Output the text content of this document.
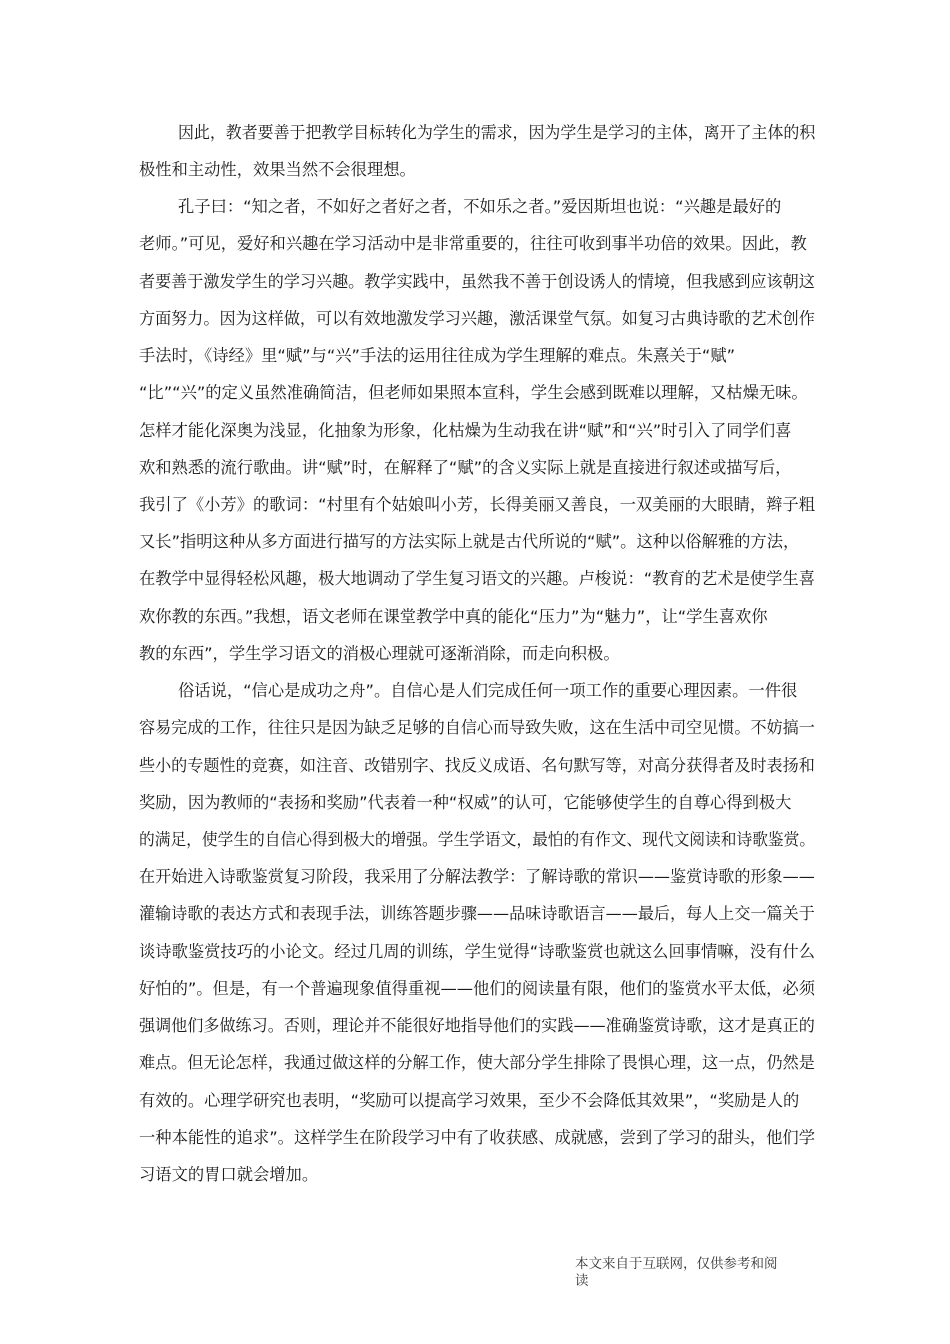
因此，教者要善于把教学目标转化为学生的需求，因为学生是学习的主体，离开了主体的积
极性和主动性，效果当然不会很理想。
孔子曰：“知之者，不如好之者好之者，不如乐之者。”爱因斯坦也说：“兴趣是最好的
老师。”可见，爱好和兴趣在学习活动中是非常重要的，往往可收到事半功倍的效果。因此，教
者要善于激发学生的学习兴趣。教学实践中，虽然我不善于创设诱人的情境，但我感到应该朝这
方面努力。因为这样做，可以有效地激发学习兴趣，激活课堂气氛。如复习古典诗歌的艺术创作
手法时，《诗经》里“赋”与“兴”手法的运用往往成为学生理解的难点。朱熹关于“赋”
“比”“兴”的定义虽然准确简洁，但老师如果照本宣科，学生会感到既难以理解，又枯燥无味。
怎样才能化深奥为浅显，化抽象为形象，化枯燥为生动我在讲“赋”和“兴”时引入了同学们喜
欢和熟悉的流行歌曲。讲“赋”时，在解释了“赋”的含义实际上就是直接进行叙述或描写后，
我引了《小芳》的歌词：“村里有个姑娘叫小芳，长得美丽又善良，一双美丽的大眼睛，辫子粗
又长”指明这种从多方面进行描写的方法实际上就是古代所说的“赋”。这种以俗解雅的方法，
在教学中显得轻松风趣，极大地调动了学生复习语文的兴趣。卢梭说：“教育的艺术是使学生喜
欢你教的东西。”我想，语文老师在课堂教学中真的能化“压力”为“魅力”，让“学生喜欢你
教的东西”，学生学习语文的消极心理就可逐渐消除，而走向积极。
俗话说，“信心是成功之舟”。自信心是人们完成任何一项工作的重要心理因素。一件很
容易完成的工作，往往只是因为缺乏足够的自信心而导致失败，这在生活中司空见惯。不妨搞一
些小的专题性的竞赛，如注音、改错别字、找反义成语、名句默写等，对高分获得者及时表扬和
奖励，因为教师的“表扬和奖励”代表着一种“权威”的认可，它能够使学生的自尊心得到极大
的满足，使学生的自信心得到极大的增强。学生学语文，最怕的有作文、现代文阅读和诗歌鉴赏。
在开始进入诗歌鉴赏复习阶段，我采用了分解法教学：了解诗歌的常识——鉴赏诗歌的形象——
灌输诗歌的表达方式和表现手法，训练答题步骤——品味诗歌语言——最后，每人上交一篇关于
谈诗歌鉴赏技巧的小论文。经过几周的训练，学生觉得“诗歌鉴赏也就这么回事情嘛，没有什么
好怕的”。但是，有一个普遍现象值得重视——他们的阅读量有限，他们的鉴赏水平太低，必须
强调他们多做练习。否则，理论并不能很好地指导他们的实践——准确鉴赏诗歌，这才是真正的
难点。但无论怎样，我通过做这样的分解工作，使大部分学生排除了畏惧心理，这一点，仍然是
有效的。心理学研究也表明，“奖励可以提高学习效果，至少不会降低其效果”，“奖励是人的
一种本能性的追求”。这样学生在阶段学习中有了收获感、成就感，尝到了学习的甜头，他们学
习语文的胃口就会增加。
本文来自于互联网，仅供参考和阅
读
